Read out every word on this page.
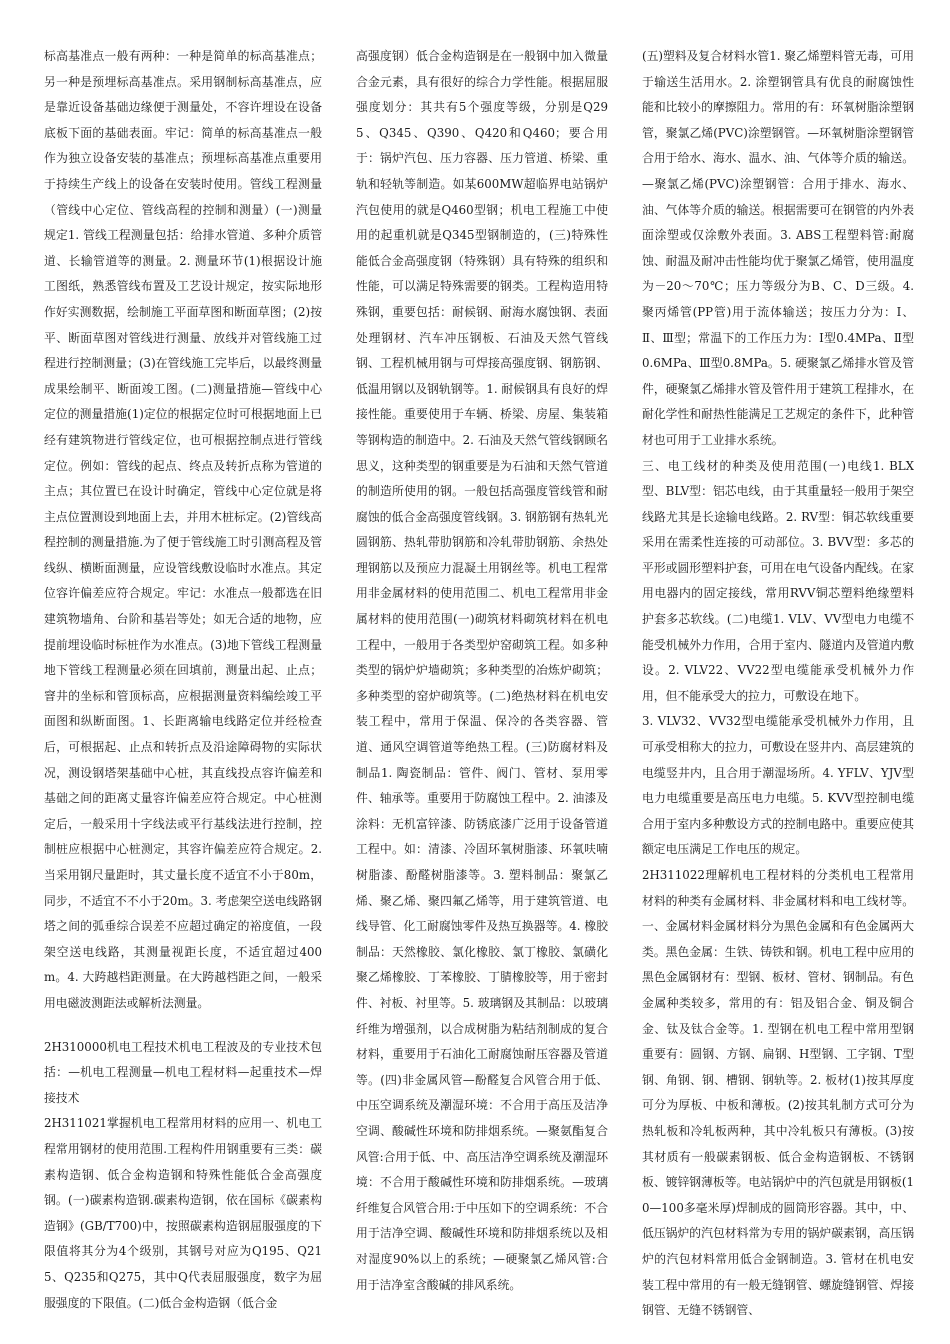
标高基准点一般有两种：一种是简单的标高基准点；另一种是预埋标高基准点。采用钢制标高基准点，应是靠近设备基础边缘便于测量处，不容许埋设在设备底板下面的基础表面。牢记：简单的标高基准点一般作为独立设备安装的基准点；预埋标高基准点重要用于持续生产线上的设备在安装时使用。管线工程测量（管线中心定位、管线高程的控制和测量）(一)测量规定1. 管线工程测量包括：给排水管道、多种介质管道、长输管道等的测量。2. 测量环节(1)根据设计施工图纸，熟悉管线布置及工艺设计规定，按实际地形作好实测数据，绘制施工平面草图和断面草图；(2)按平、断面草图对管线进行测量、放线并对管线施工过程进行控制测量；(3)在管线施工完毕后，以最终测量成果绘制平、断面竣工图。(二)测量措施—管线中心定位的测量措施(1)定位的根据定位时可根据地面上已经有建筑物进行管线定位，也可根据控制点进行管线定位。例如：管线的起点、终点及转折点称为管道的主点；其位置已在设计时确定，管线中心定位就是将主点位置测设到地面上去，并用木桩标定。(2)管线高程控制的测量措施.为了便于管线施工时引测高程及管线纵、横断面测量，应设管线敷设临时水准点。其定位容许偏差应符合规定。牢记：水准点一般都选在旧建筑物墙角、台阶和基岩等处；如无合适的地物，应提前埋设临时标桩作为水准点。(3)地下管线工程测量地下管线工程测量必须在回填前，测量出起、止点；窨井的坐标和管顶标高，应根据测量资料编绘竣工平面图和纵断面图。1、长距离输电线路定位并经检查后，可根据起、止点和转折点及沿途障碍物的实际状况，测设钢塔架基础中心桩，其直线投点容许偏差和基础之间的距离丈量容许偏差应符合规定。中心桩测定后，一般采用十字线法或平行基线法进行控制，控制桩应根据中心桩测定，其容许偏差应符合规定。2. 当采用钢尺量距时，其丈量长度不适宜不小于80m，同步，不适宜不不小于20m。3. 考虑架空送电线路钢塔之间的弧垂综合误差不应超过确定的裕度值，一段架空送电线路，其测量视距长度，不适宜超过400m。4. 大跨越档距测量。在大跨越档距之间，一般采用电磁波测距法或解析法测量。

2H310000机电工程技术机电工程波及的专业技术包括：—机电工程测量—机电工程材料—起重技术—焊接技术

2H311021掌握机电工程常用材料的应用一、机电工程常用钢材的使用范围.工程构件用钢重要有三类：碳素构造钢、低合金构造钢和特殊性能低合金高强度钢。(一)碳素构造钢.碳素构造钢，依在国标《碳素构造钢》(GB/T700)中，按照碳素构造钢屈服强度的下限值将其分为4个级别，其钢号对应为Q195、Q215、Q235和Q275，其中Q代表屈服强度，数字为屈服强度的下限值。(二)低合金构造钢（低合金

高强度钢）低合金构造钢是在一般钢中加入微量合金元素，具有很好的综合力学性能。根据屈服强度划分：其共有5个强度等级，分别是Q295、Q345、Q390、Q420和Q460；要合用于：锅炉汽包、压力容器、压力管道、桥梁、重轨和轻轨等制造。如某600MW超临界电站锅炉汽包使用的就是Q460型钢；机电工程施工中使用的起重机就是Q345型钢制造的，(三)特殊性能低合金高强度钢（特殊钢）具有特殊的组织和性能，可以满足特殊需要的钢类。工程构造用特殊钢，重要包括：耐候钢、耐海水腐蚀钢、表面处理钢材、汽车冲压钢板、石油及天然气管线钢、工程机械用钢与可焊接高强度钢、钢筋钢、低温用钢以及钢轨钢等。1. 耐候钢具有良好的焊接性能。重要使用于车辆、桥梁、房屋、集装箱等钢构造的制造中。2. 石油及天然气管线钢顾名思义，这种类型的钢重要是为石油和天然气管道的制造所使用的钢。一般包括高强度管线管和耐腐蚀的低合金高强度管线钢。3. 钢筋钢有热轧光圆钢筋、热轧带肋钢筋和冷轧带肋钢筋、余热处理钢筋以及预应力混凝土用钢丝等。机电工程常用非金属材料的使用范围二、机电工程常用非金属材料的使用范围(一)砌筑材料砌筑材料在机电工程中，一般用于各类型炉窑砌筑工程。如多种类型的锅炉炉墙砌筑；多种类型的冶炼炉砌筑；多种类型的窑炉砌筑等。(二)绝热材料在机电安装工程中，常用于保温、保冷的各类容器、管道、通风空调管道等绝热工程。(三)防腐材料及制品1. 陶瓷制品：管件、阀门、管材、泵用零件、轴承等。重要用于防腐蚀工程中。2. 油漆及涂料：无机富锌漆、防锈底漆广泛用于设备管道工程中。如：清漆、冷固环氧树脂漆、环氧呋喃树脂漆、酚醛树脂漆等。3. 塑料制品：聚氯乙烯、聚乙烯、聚四氟乙烯等，用于建筑管道、电线导管、化工耐腐蚀零件及热互换器等。4. 橡胶制品：天然橡胶、氯化橡胶、氯丁橡胶、氯磺化聚乙烯橡胶、丁苯橡胶、丁腈橡胶等，用于密封件、衬板、衬里等。5. 玻璃钢及其制品：以玻璃纤维为增强剂，以合成树脂为粘结剂制成的复合材料，重要用于石油化工耐腐蚀耐压容器及管道等。(四)非金属风管—酚醛复合风管合用于低、中压空调系统及潮湿环境：不合用于高压及洁净空调、酸碱性环境和防排烟系统。—聚氨酯复合风管:合用于低、中、高压洁净空调系统及潮湿环境：不合用于酸碱性环境和防排烟系统。—玻璃纤维复合风管合用:于中压如下的空调系统：不合用于洁净空调、酸碱性环境和防排烟系统以及相对湿度90%以上的系统；—硬聚氯乙烯风管:合用于洁净室含酸碱的排风系统。

(五)塑料及复合材料水管1. 聚乙烯塑料管无毒，可用于输送生活用水。2. 涂塑钢管具有优良的耐腐蚀性能和比较小的摩擦阻力。常用的有：环氧树脂涂塑钢管，聚氯乙烯(PVC)涂塑钢管。—环氧树脂涂塑钢管合用于给水、海水、温水、油、气体等介质的输送。—聚氯乙烯(PVC)涂塑钢管：合用于排水、海水、油、气体等介质的输送。根据需要可在钢管的内外表面涂塑或仅涂敷外表面。3. ABS工程塑料管:耐腐蚀、耐温及耐冲击性能均优于聚氯乙烯管，使用温度为－20～70℃；压力等级分为B、C、D三级。4. 聚丙烯管(PP管)用于流体输送；按压力分为：Ⅰ、Ⅱ、Ⅲ型；常温下的工作压力为：Ⅰ型0.4MPa、Ⅱ型0.6MPa、Ⅲ型0.8MPa。5. 硬聚氯乙烯排水管及管件，硬聚氯乙烯排水管及管件用于建筑工程排水，在耐化学性和耐热性能满足工艺规定的条件下，此种管材也可用于工业排水系统。

三、电工线材的种类及使用范围(一)电线1. BLX型、BLV型：铝芯电线，由于其重量轻一般用于架空线路尤其是长途输电线路。2. RV型：铜芯软线重要采用在需柔性连接的可动部位。3. BVV型：多芯的平形或圆形塑料护套，可用在电气设备内配线。在家用电器内的固定接线，常用RVV铜芯塑料绝缘塑料护套多芯软线。(二)电缆1. VLV、VV型电力电缆不能受机械外力作用，合用于室内、隧道内及管道内敷设。2. VLV22、VV22型电缆能承受机械外力作用，但不能承受大的拉力，可敷设在地下。

3. VLV32、VV32型电缆能承受机械外力作用，且可承受相称大的拉力，可敷设在竖井内、高层建筑的电缆竖井内，且合用于潮湿场所。4. YFLV、YJV型电力电缆重要是高压电力电缆。5. KVV型控制电缆合用于室内多种敷设方式的控制电路中。重要应使其额定电压满足工作电压的规定。

2H311022理解机电工程材料的分类机电工程常用材料的种类有金属材料、非金属材料和电工线材等。一、金属材料金属材料分为黑色金属和有色金属两大类。黑色金属：生铁、铸铁和钢。机电工程中应用的黑色金属钢材有：型钢、板材、管材、钢制品。有色金属种类较多，常用的有：铝及铝合金、铜及铜合金、钛及钛合金等。1. 型钢在机电工程中常用型钢重要有：圆钢、方钢、扁钢、H型钢、工字钢、T型钢、角钢、钢、槽钢、钢轨等。2. 板材(1)按其厚度可分为厚板、中板和薄板。(2)按其轧制方式可分为热轧板和冷轧板两种，其中冷轧板只有薄板。(3)按其材质有一般碳素钢板、低合金构造钢板、不锈钢板、镀锌钢薄板等。电站锅炉中的汽包就是用钢板(10—100多毫米厚)焊制成的圆筒形容器。其中，中、低压锅炉的汽包材料常为专用的锅炉碳素钢，高压锅炉的汽包材料常用低合金钢制造。3. 管材在机电安装工程中常用的有一般无缝钢管、螺旋缝钢管、焊接钢管、无缝不锈钢管、
